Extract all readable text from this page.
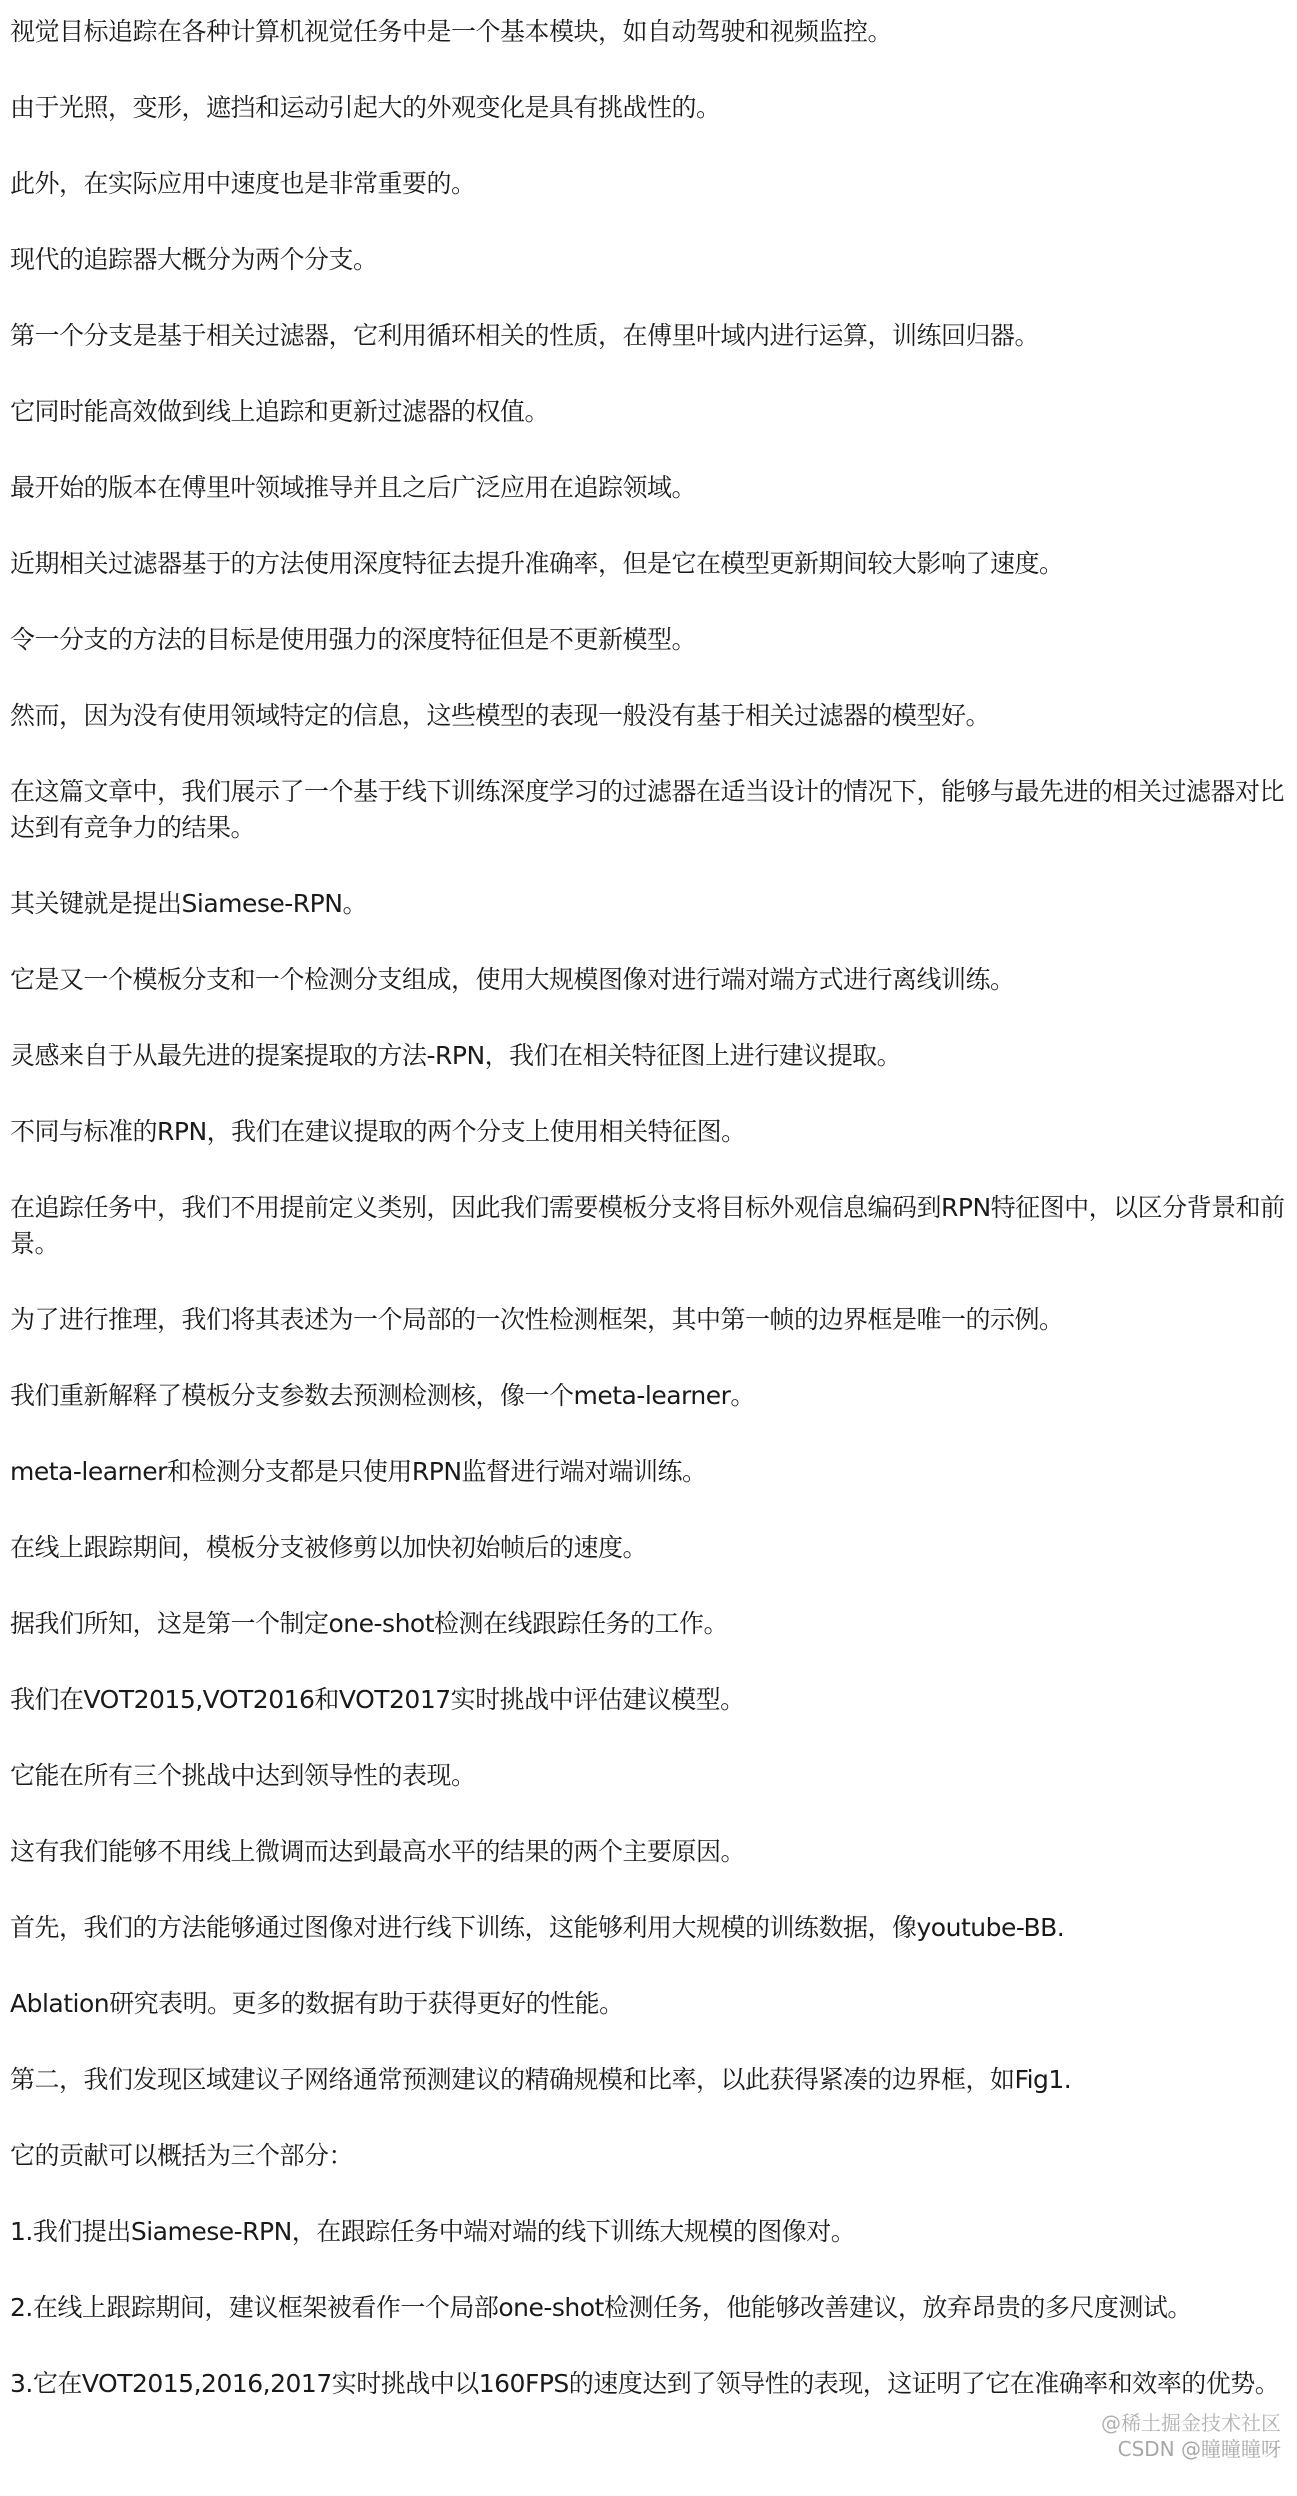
视觉目标追踪在各种计算机视觉任务中是一个基本模块，如自动驾驶和视频监控。

由于光照，变形，遮挡和运动引起大的外观变化是具有挑战性的。

此外，在实际应用中速度也是非常重要的。

现代的追踪器大概分为两个分支。

第一个分支是基于相关过滤器，它利用循环相关的性质，在傅里叶域内进行运算，训练回归器。

它同时能高效做到线上追踪和更新过滤器的权值。

最开始的版本在傅里叶领域推导并且之后广泛应用在追踪领域。

近期相关过滤器基于的方法使用深度特征去提升准确率，但是它在模型更新期间较大影响了速度。

令一分支的方法的目标是使用强力的深度特征但是不更新模型。

然而，因为没有使用领域特定的信息，这些模型的表现一般没有基于相关过滤器的模型好。

在这篇文章中，我们展示了一个基于线下训练深度学习的过滤器在适当设计的情况下，能够与最先进的相关过滤器对比达到有竞争力的结果。

其关键就是提出Siamese-RPN。

它是又一个模板分支和一个检测分支组成，使用大规模图像对进行端对端方式进行离线训练。

灵感来自于从最先进的提案提取的方法-RPN，我们在相关特征图上进行建议提取。

不同与标准的RPN，我们在建议提取的两个分支上使用相关特征图。

在追踪任务中，我们不用提前定义类别，因此我们需要模板分支将目标外观信息编码到RPN特征图中，以区分背景和前景。

为了进行推理，我们将其表述为一个局部的一次性检测框架，其中第一帧的边界框是唯一的示例。

我们重新解释了模板分支参数去预测检测核，像一个meta-learner。

meta-learner和检测分支都是只使用RPN监督进行端对端训练。

在线上跟踪期间，模板分支被修剪以加快初始帧后的速度。

据我们所知，这是第一个制定one-shot检测在线跟踪任务的工作。

我们在VOT2015,VOT2016和VOT2017实时挑战中评估建议模型。

它能在所有三个挑战中达到领导性的表现。

这有我们能够不用线上微调而达到最高水平的结果的两个主要原因。

首先，我们的方法能够通过图像对进行线下训练，这能够利用大规模的训练数据，像youtube-BB.

Ablation研究表明。更多的数据有助于获得更好的性能。

第二，我们发现区域建议子网络通常预测建议的精确规模和比率，以此获得紧凑的边界框，如Fig1.

它的贡献可以概括为三个部分：

1.我们提出Siamese-RPN，在跟踪任务中端对端的线下训练大规模的图像对。

2.在线上跟踪期间，建议框架被看作一个局部one-shot检测任务，他能够改善建议，放弃昂贵的多尺度测试。

3.它在VOT2015,2016,2017实时挑战中以160FPS的速度达到了领导性的表现，这证明了它在准确率和效率的优势。

@稀土掘金技术社区
CSDN @瞳瞳瞳呀
